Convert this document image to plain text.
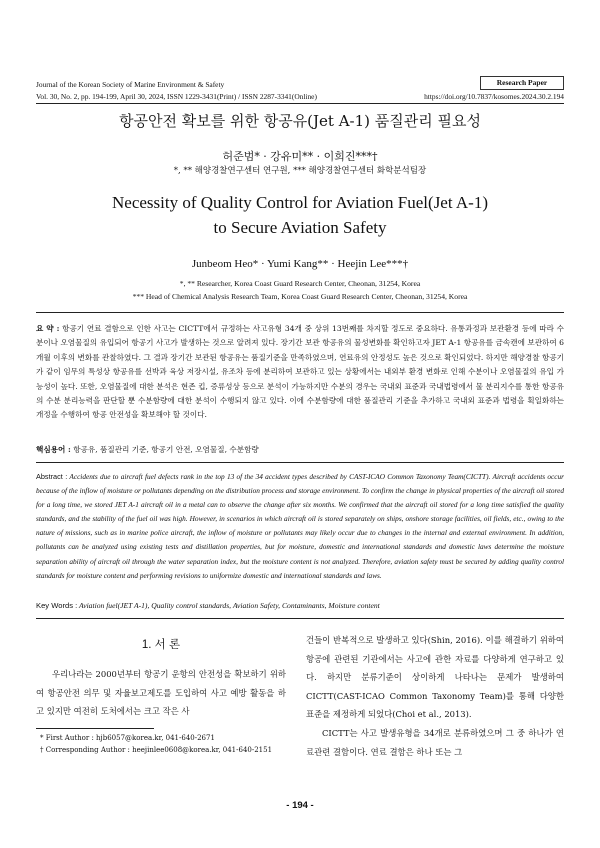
Journal of the Korean Society of Marine Environment & Safety	Research Paper
Vol. 30, No. 2, pp. 194-199, April 30, 2024, ISSN 1229-3431(Print) / ISSN 2287-3341(Online)	https://doi.org/10.7837/kosomes.2024.30.2.194
항공안전 확보를 위한 항공유(Jet A-1) 품질관리 필요성
허준범* · 강유미** · 이희진***†
*, ** 해양경찰연구센터 연구원, *** 해양경찰연구센터 화학분석팀장
Necessity of Quality Control for Aviation Fuel(Jet A-1)
to Secure Aviation Safety
Junbeom Heo* · Yumi Kang** · Heejin Lee***†
*, ** Researcher, Korea Coast Guard Research Center, Cheonan, 31254, Korea
*** Head of Chemical Analysis Research Team, Korea Coast Guard Research Center, Cheonan, 31254, Korea
요 약 : 항공기 연료 결함으로 인한 사고는 CICTT에서 규정하는 사고유형 34개 중 상위 13번째를 차지할 정도로 중요하다. 유통과정과 보관환경 등에 따라 수분이나 오염물질의 유입되어 항공기 사고가 발생하는 것으로 알려져 있다. 장기간 보관 항공유의 물성변화를 확인하고자 JET A-1 항공유를 금속캔에 보관하여 6개월 이후의 변화를 관찰하였다. 그 결과 장기간 보관된 항공유는 품질기준을 만족하였으며, 연료유의 안정성도 높은 것으로 확인되었다. 하지만 해양경찰 항공기가 같이 임무의 특성상 항공유를 선박과 육상 저장시설, 유조차 등에 분리하여 보관하고 있는 상황에서는 내외부 환경 변화로 인해 수분이나 오염물질의 유입 가능성이 높다. 또한, 오염물질에 대한 분석은 현존 킵, 증류성상 등으로 분석이 가능하지만 수분의 경우는 국내외 표준과 국내법령에서 물 분리지수를 통한 항공유의 수분 분리능력을 판단할 뿐 수분함량에 대한 분석이 수행되지 않고 있다. 이에 수분함량에 대한 품질관리 기준을 추가하고 국내외 표준과 법령을 획일화하는 개정을 수행하여 항공 안전성을 확보해야 할 것이다.
핵심용어 : 항공유, 품질관리 기준, 항공기 안전, 오염물질, 수분함량
Abstract : Accidents due to aircraft fuel defects rank in the top 13 of the 34 accident types described by CAST-ICAO Common Taxonomy Team(CICTT). Aircraft accidents occur because of the inflow of moisture or pollutants depending on the distribution process and storage environment. To confirm the change in physical properties of the aircraft oil stored for a long time, we stored JET A-1 aircraft oil in a metal can to observe the change after six months. We confirmed that the aircraft oil stored for a long time satisfied the quality standards, and the stability of the fuel oil was high. However, in scenarios in which aircraft oil is stored separately on ships, onshore storage facilities, oil fields, etc., owing to the nature of missions, such as in marine police aircraft, the inflow of moisture or pollutants may likely occur due to changes in the internal and external environment. In addition, pollutants can be analyzed using existing tests and distillation properties, but for moisture, domestic and international standards and domestic laws determine the moisture separation ability of aircraft oil through the water separation index, but the moisture content is not analyzed. Therefore, aviation safety must be secured by adding quality control standards for moisture content and performing revisions to uniformize domestic and international standards and laws.
Key Words : Aviation fuel(JET A-1), Quality control standards, Aviation Safety, Contaminants, Moisture content
1. 서 론
우리나라는 2000년부터 항공기 운항의 안전성을 확보하기 위하여 항공안전 의무 및 자율보고제도를 도입하여 사고 예방 활동을 하고 있지만 여전히 도처에서는 크고 작은 사
건들이 반복적으로 발생하고 있다(Shin, 2016). 이를 해결하기 위하여 항공에 관련된 기관에서는 사고에 관한 자료를 다양하게 연구하고 있다. 하지만 분류기준이 상이하게 나타나는 문제가 발생하여 CICTT(CAST-ICAO Common Taxonomy Team)를 통해 다양한 표준을 제정하게 되었다(Choi et al., 2013).
CICTT는 사고 발생유형을 34개로 분류하였으며 그 중 하나가 연료관련 결함이다. 연료 결함은 하나 또는 그
* First Author : hjb6057@korea.kr, 041-640-2671
† Corresponding Author : heejinlee0608@korea.kr, 041-640-2151
- 194 -
